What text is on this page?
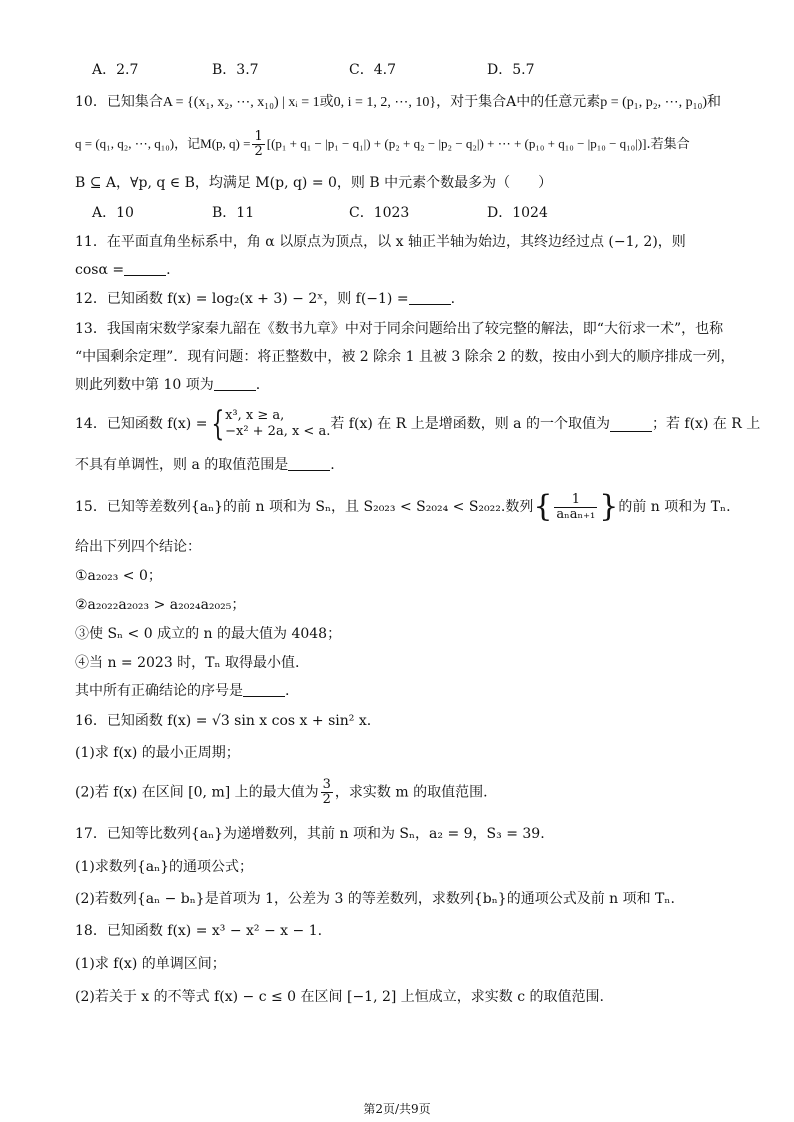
A．2.7	B．3.7	C．4.7	D．5.7
10．已知集合A = {(x₁, x₂, ⋯, x₁₀) | xᵢ = 1或0, i = 1, 2, ⋯, 10}，对于集合A中的任意元素p = (p₁, p₂, ⋯, p₁₀)和
q = (q₁, q₂, ⋯, q₁₀)，记M(p, $q) = \frac{1}{2} [(p_1 + q_1 - |p_1 - q_1|) + (p_2 + q_2 - |p_2 - q_2|)$ + ⋯ + (p₁₀ + q₁₀ − |p₁₀ − q₁₀|)].若集合
B ⊆ A，∀p, q ∈ B，均满足 M(p, q) = 0，则 B 中元素个数最多为（　　）
A．10	B．11	C．1023	D．1024
11．在平面直角坐标系中，角 α 以原点为顶点，以 x 轴正半轴为始边，其终边经过点 (−1, 2)，则
cosα =	.
12．已知函数 f(x) = log₂(x + 3) − 2ˣ，则 f(−1) =	.
13．我国南宋数学家秦九韶在《数书九章》中对于同余问题给出了较完整的解法，即“大衍求一术”，也称
“中国剩余定理”．现有问题：将正整数中，被 2 除余 1 且被 3 除余 2 的数，按由小到大的顺序排成一列，
则此列数中第 10 项为	.
14．已知函数 f(x) = { x³, x ≥ a,
−x² + 2a, x < a. 若 f(x) 在 R 上是增函数，则 a 的一个取值为	；若 f(x) 在 R 上
不具有单调性，则 a 的取值范围是	.
15．已知等差数列{aₙ}的前 n 项和为 Sₙ，且 S₂₀₂₃ < S₂₀₂₄ < S₂₀₂₂.数列{ $\frac{1}{\text{aₙaₙ₊₁}}$ }的前 n 项和为 Tₙ.
给出下列四个结论：
①a₂₀₂₃ < 0；
②a₂₀₂₂a₂₀₂₃ > a₂₀₂₄a₂₀₂₅；
③使 Sₙ < 0 成立的 n 的最大值为 4048；
④当 n = 2023 时，Tₙ 取得最小值.
其中所有正确结论的序号是	.
16．已知函数 f(x) = √3 sin x cos x + sin² x.
(1)求 f(x) 的最小正周期；
(2)若 f(x) 在区间 [0, m] 上的最大值为 $\frac{3}{2}$ ，求实数 m 的取值范围.
17．已知等比数列{aₙ}为递增数列，其前 n 项和为 Sₙ，a₂ = 9，S₃ = 39.
(1)求数列{aₙ}的通项公式；
(2)若数列{aₙ − bₙ}是首项为 1，公差为 3 的等差数列，求数列{bₙ}的通项公式及前 n 项和 Tₙ.
18．已知函数 f(x) = x³ − x² − x − 1.
(1)求 f(x) 的单调区间；
(2)若关于 x 的不等式 f(x) − c ≤ 0 在区间 [−1, 2] 上恒成立，求实数 c 的取值范围.
第2页/共9页
